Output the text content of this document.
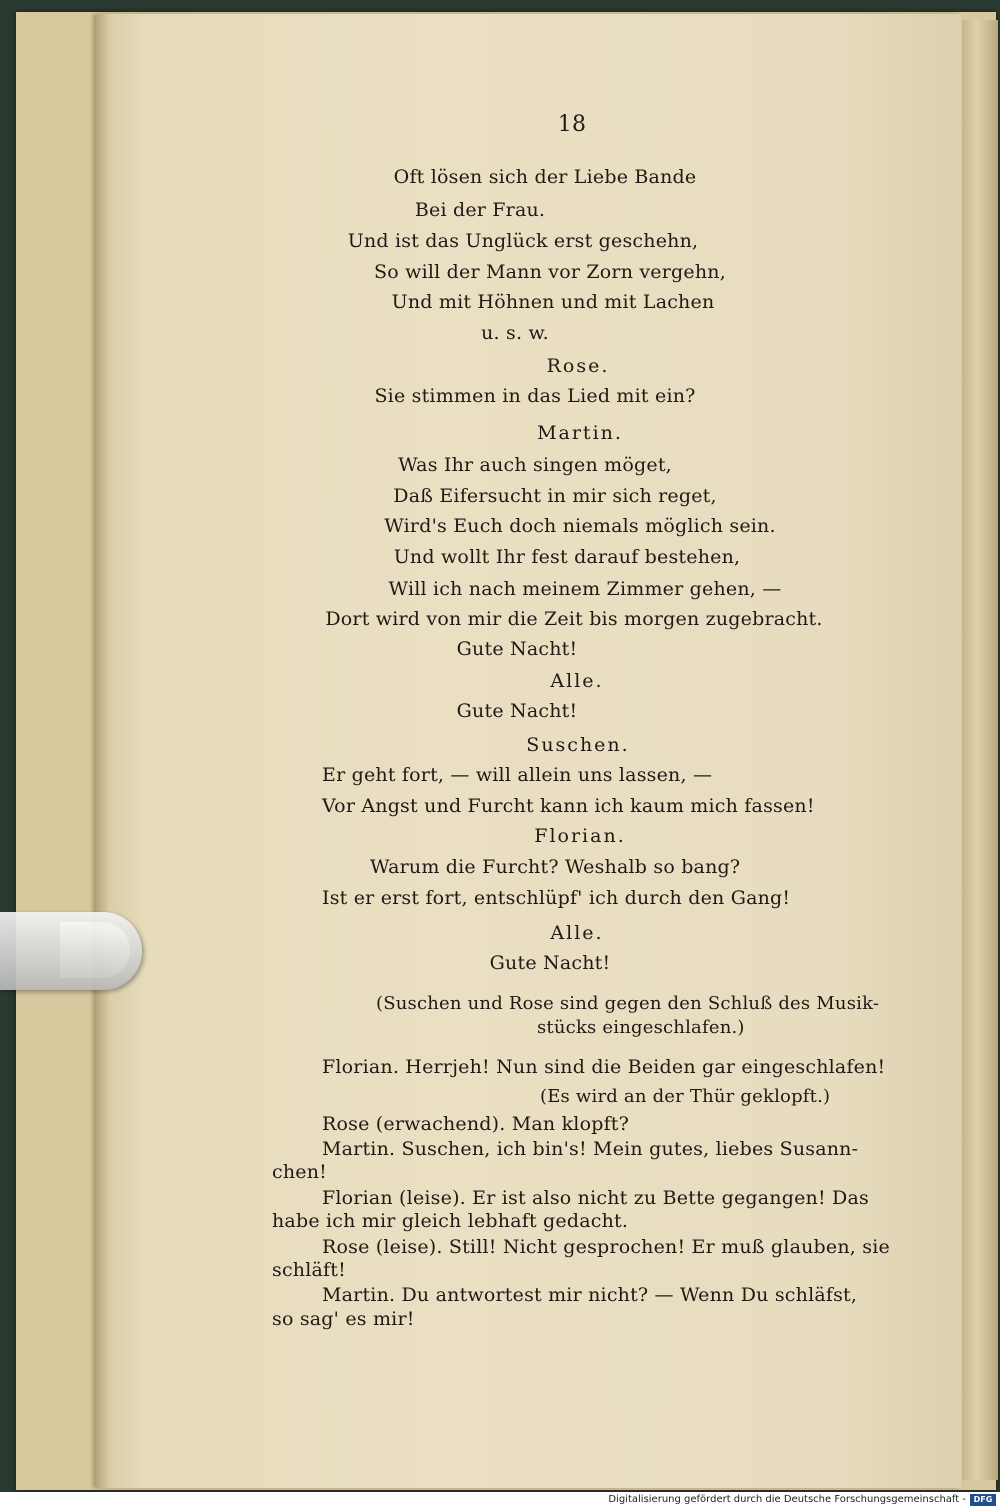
18
Oft lösen sich der Liebe Bande
Bei der Frau.
Und ist das Unglück erst geschehn,
So will der Mann vor Zorn vergehn,
Und mit Höhnen und mit Lachen
u. s. w.
Rose.
Sie stimmen in das Lied mit ein?
Martin.
Was Ihr auch singen möget,
Daß Eifersucht in mir sich reget,
Wird's Euch doch niemals möglich sein.
Und wollt Ihr fest darauf bestehen,
Will ich nach meinem Zimmer gehen, —
Dort wird von mir die Zeit bis morgen zugebracht.
Gute Nacht!
Alle.
Gute Nacht!
Suschen.
Er geht fort, — will allein uns lassen, —
Vor Angst und Furcht kann ich kaum mich fassen!
Florian.
Warum die Furcht? Weshalb so bang?
Ist er erst fort, entschlüpf' ich durch den Gang!
Alle.
Gute Nacht!
(Suschen und Rose sind gegen den Schluß des Musik-
stücks eingeschlafen.)
Florian. Herrjeh! Nun sind die Beiden gar eingeschlafen!
(Es wird an der Thür geklopft.)
Rose (erwachend). Man klopft?
Martin. Suschen, ich bin's! Mein gutes, liebes Susann-
chen!
Florian (leise). Er ist also nicht zu Bette gegangen! Das
habe ich mir gleich lebhaft gedacht.
Rose (leise). Still! Nicht gesprochen! Er muß glauben, sie
schläft!
Martin. Du antwortest mir nicht? — Wenn Du schläfst,
so sag' es mir!
Digitalisierung gefördert durch die Deutsche Forschungsgemeinschaft - DFG
